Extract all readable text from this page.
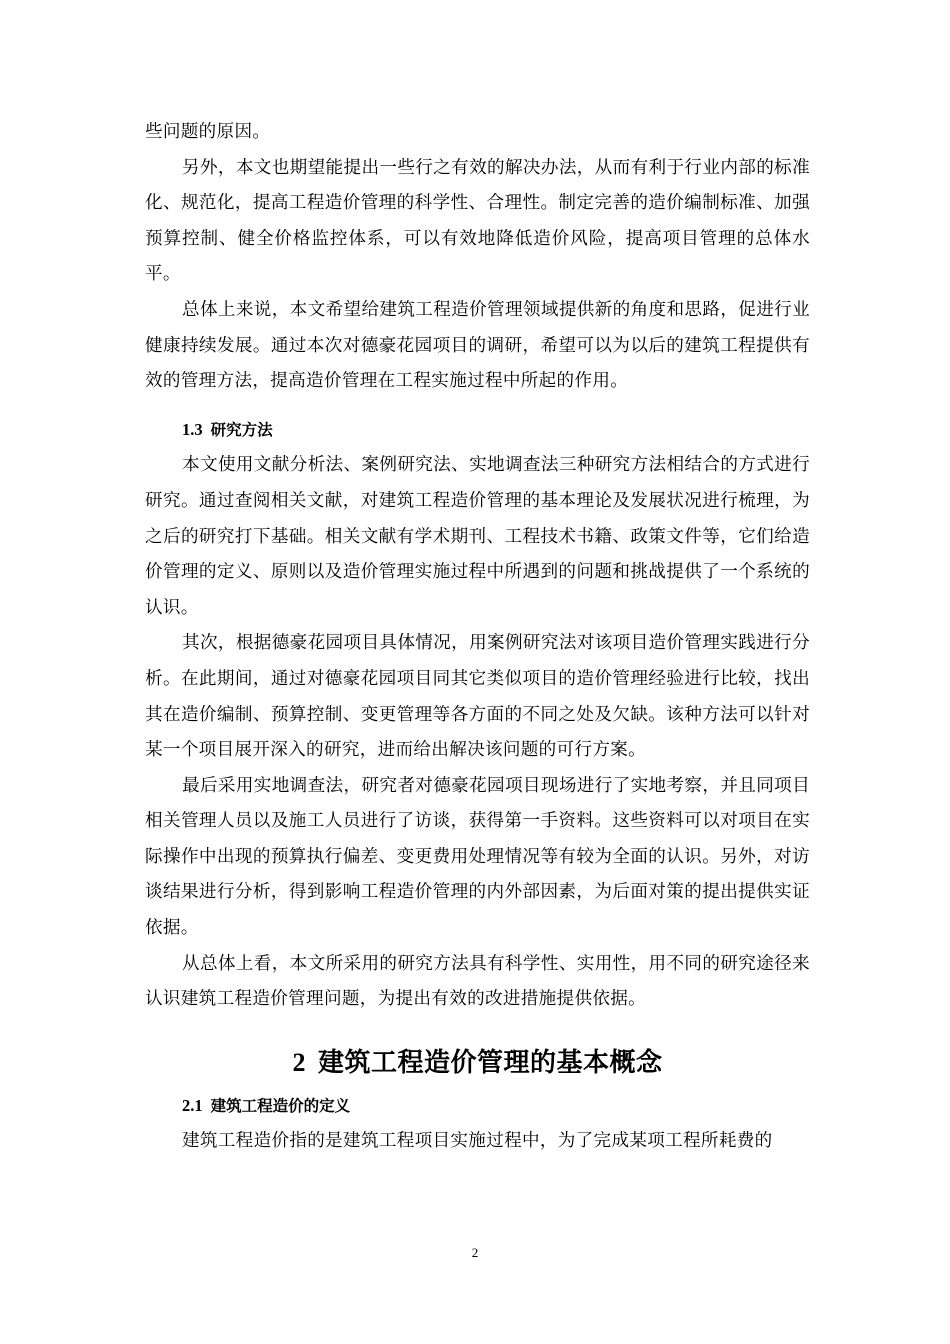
些问题的原因。

另外，本文也期望能提出一些行之有效的解决办法，从而有利于行业内部的标准化、规范化，提高工程造价管理的科学性、合理性。制定完善的造价编制标准、加强预算控制、健全价格监控体系，可以有效地降低造价风险，提高项目管理的总体水平。

总体上来说，本文希望给建筑工程造价管理领域提供新的角度和思路，促进行业健康持续发展。通过本次对德豪花园项目的调研，希望可以为以后的建筑工程提供有效的管理方法，提高造价管理在工程实施过程中所起的作用。

1.3 研究方法

本文使用文献分析法、案例研究法、实地调查法三种研究方法相结合的方式进行研究。通过查阅相关文献，对建筑工程造价管理的基本理论及发展状况进行梳理，为之后的研究打下基础。相关文献有学术期刊、工程技术书籍、政策文件等，它们给造价管理的定义、原则以及造价管理实施过程中所遇到的问题和挑战提供了一个系统的认识。

其次，根据德豪花园项目具体情况，用案例研究法对该项目造价管理实践进行分析。在此期间，通过对德豪花园项目同其它类似项目的造价管理经验进行比较，找出其在造价编制、预算控制、变更管理等各方面的不同之处及欠缺。该种方法可以针对某一个项目展开深入的研究，进而给出解决该问题的可行方案。

最后采用实地调查法，研究者对德豪花园项目现场进行了实地考察，并且同项目相关管理人员以及施工人员进行了访谈，获得第一手资料。这些资料可以对项目在实际操作中出现的预算执行偏差、变更费用处理情况等有较为全面的认识。另外，对访谈结果进行分析，得到影响工程造价管理的内外部因素，为后面对策的提出提供实证依据。

从总体上看，本文所采用的研究方法具有科学性、实用性，用不同的研究途径来认识建筑工程造价管理问题，为提出有效的改进措施提供依据。

2 建筑工程造价管理的基本概念
2.1 建筑工程造价的定义

建筑工程造价指的是建筑工程项目实施过程中，为了完成某项工程所耗费的

2
